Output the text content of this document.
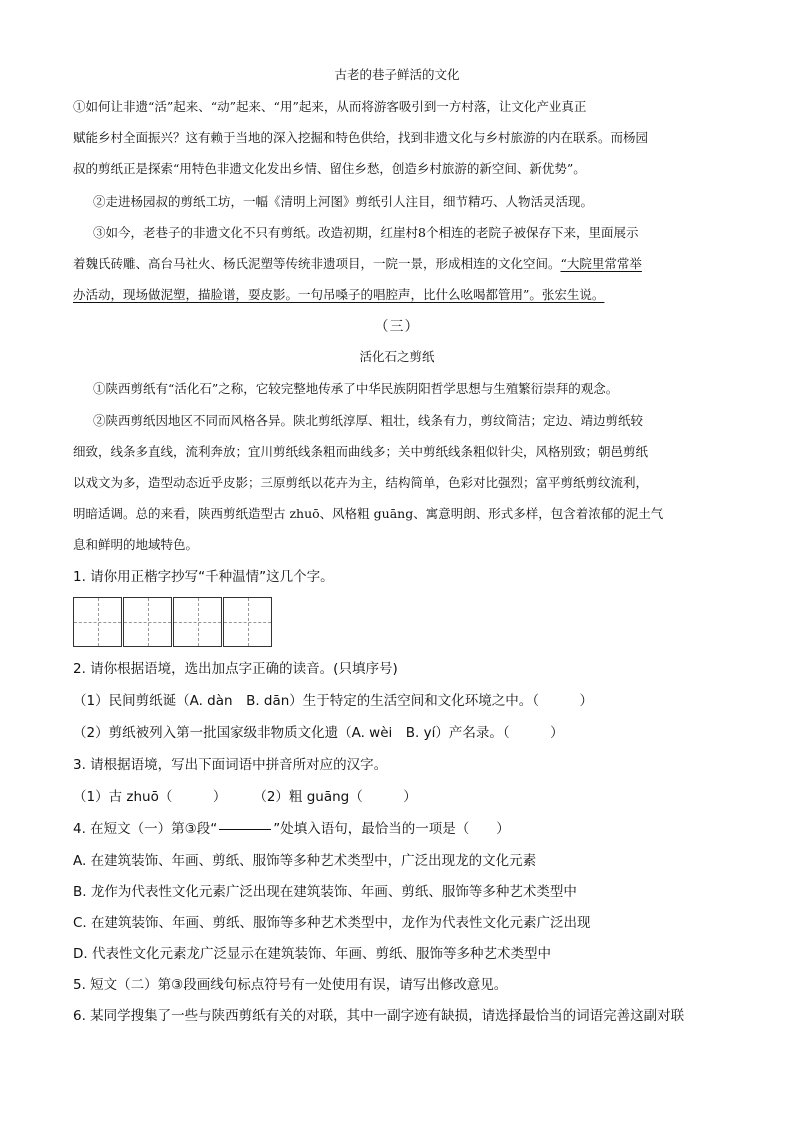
古老的巷子鲜活的文化
①如何让非遗“活”起来、“动”起来、“用”起来，从而将游客吸引到一方村落，让文化产业真正
赋能乡村全面振兴？这有赖于当地的深入挖掘和特色供给，找到非遗文化与乡村旅游的内在联系。而杨园
叔的剪纸正是探索“用特色非遗文化发出乡情、留住乡愁，创造乡村旅游的新空间、新优势”。
②走进杨园叔的剪纸工坊，一幅《清明上河图》剪纸引人注目，细节精巧、人物活灵活现。
③如今，老巷子的非遗文化不只有剪纸。改造初期，红崖村8个相连的老院子被保存下来，里面展示
着魏氏砖雕、高台马社火、杨氏泥塑等传统非遗项目，一院一景，形成相连的文化空间。“大院里常常举
办活动，现场做泥塑，描脸谱，耍皮影。一句吊嗓子的唱腔声，比什么吆喝都管用”。张宏生说。
（三）
活化石之剪纸
①陕西剪纸有“活化石”之称，它较完整地传承了中华民族阴阳哲学思想与生殖繁衍崇拜的观念。
②陕西剪纸因地区不同而风格各异。陕北剪纸淳厚、粗壮，线条有力，剪纹简洁；定边、靖边剪纸较
细致，线条多直线，流利奔放；宜川剪纸线条粗而曲线多；关中剪纸线条粗似针尖，风格别致；朝邑剪纸
以戏文为多，造型动态近乎皮影；三原剪纸以花卉为主，结构简单，色彩对比强烈；富平剪纸剪纹流利，
明暗适调。总的来看，陕西剪纸造型古 zhuō、风格粗 guāng、寓意明朗、形式多样，包含着浓郁的泥土气
息和鲜明的地域特色。
1. 请你用正楷字抄写“千种温情”这几个字。
2. 请你根据语境，选出加点字正确的读音。(只填序号)
（1）民间剪纸诞（A. dàn　B. dān）生于特定的生活空间和文化环境之中。（　　　）
（2）剪纸被列入第一批国家级非物质文化遗（A. wèi　B. yí）产名录。（　　　）
3. 请根据语境，写出下面词语中拼音所对应的汉字。
（1）古 zhuō（　　　）　　　（2）粗 guāng（　　　）
4. 在短文（一）第③段“	”处填入语句，最恰当的一项是（　　）
A. 在建筑装饰、年画、剪纸、服饰等多种艺术类型中，广泛出现龙的文化元素
B. 龙作为代表性文化元素广泛出现在建筑装饰、年画、剪纸、服饰等多种艺术类型中
C. 在建筑装饰、年画、剪纸、服饰等多种艺术类型中，龙作为代表性文化元素广泛出现
D. 代表性文化元素龙广泛显示在建筑装饰、年画、剪纸、服饰等多种艺术类型中
5. 短文（二）第③段画线句标点符号有一处使用有误，请写出修改意见。
6. 某同学搜集了一些与陕西剪纸有关的对联，其中一副字迹有缺损，请选择最恰当的词语完善这副对联
